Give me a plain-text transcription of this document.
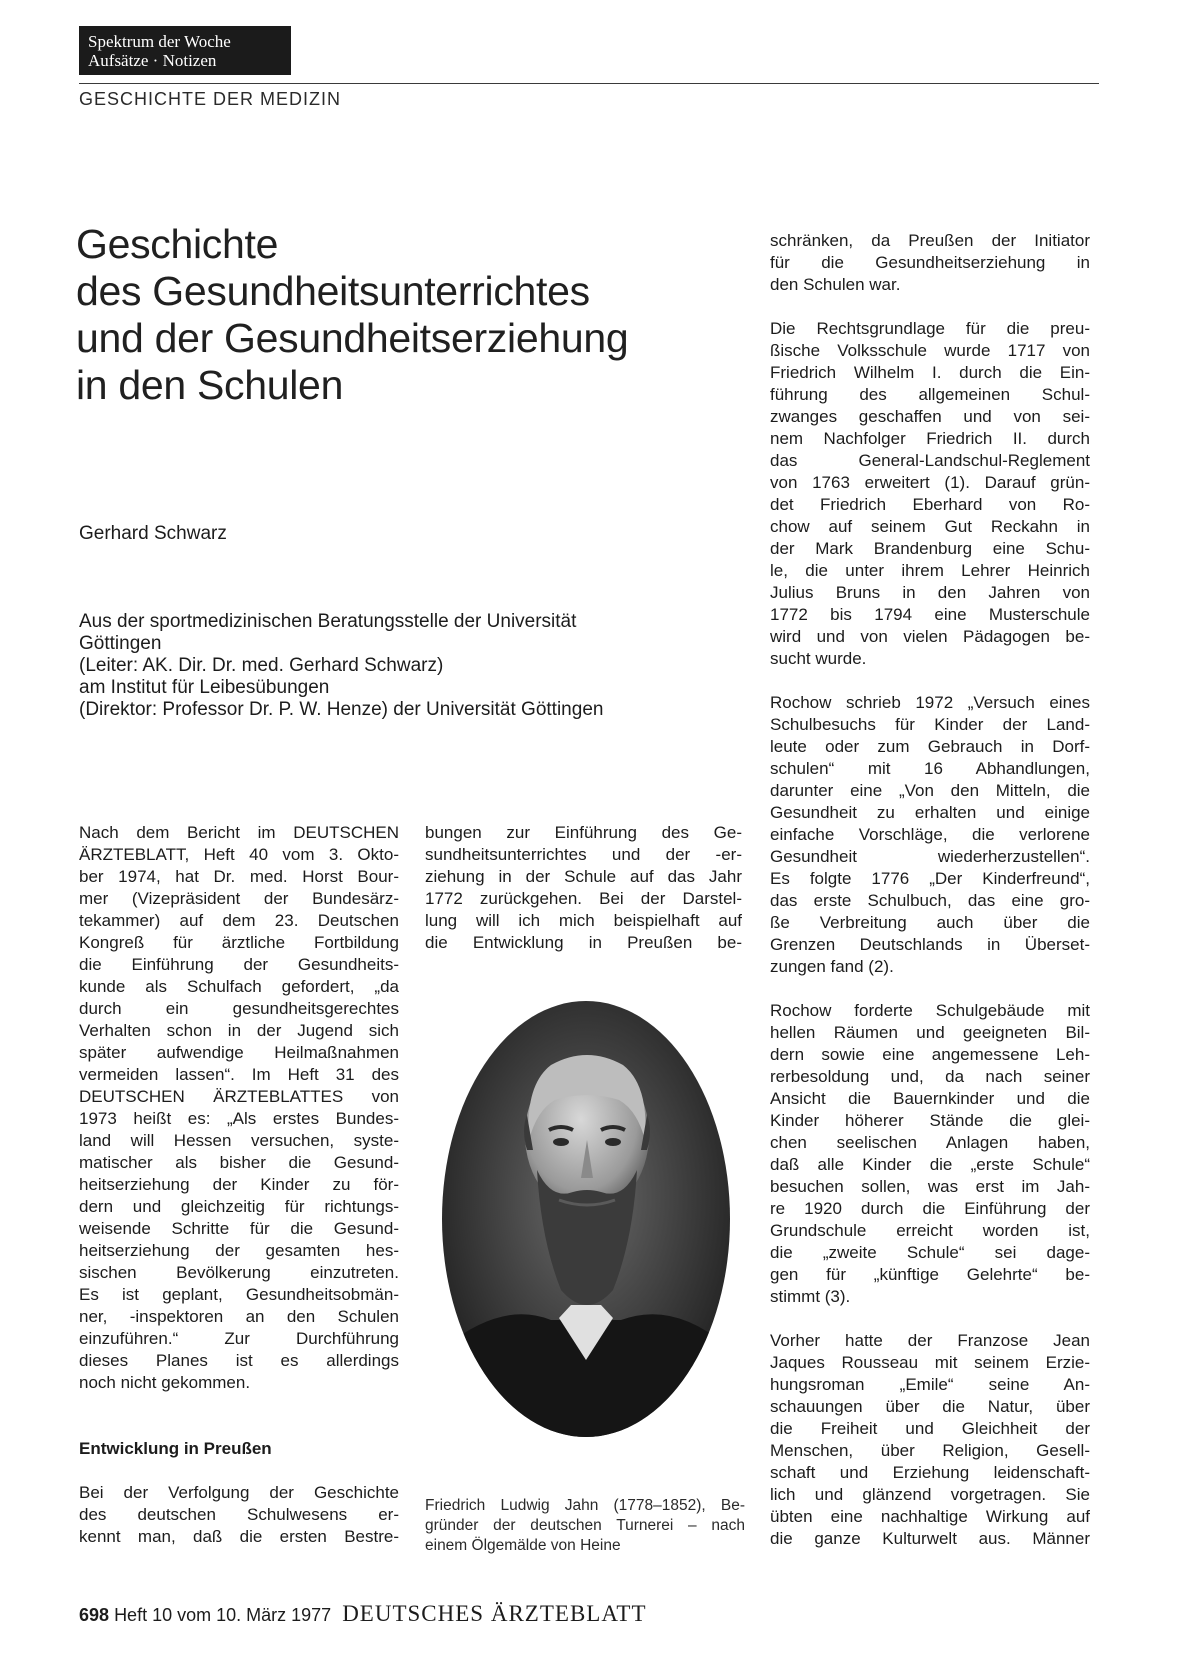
Spektrum der Woche
Aufsätze · Notizen
GESCHICHTE DER MEDIZIN
Geschichte
des Gesundheitsunterrichtes
und der Gesundheitserziehung
in den Schulen
Gerhard Schwarz
Aus der sportmedizinischen Beratungsstelle der Universität
Göttingen
(Leiter: AK. Dir. Dr. med. Gerhard Schwarz)
am Institut für Leibesübungen
(Direktor: Professor Dr. P. W. Henze) der Universität Göttingen
Nach dem Bericht im DEUTSCHEN
ÄRZTEBLATT, Heft 40 vom 3. Okto-
ber 1974, hat Dr. med. Horst Bour-
mer (Vizepräsident der Bundesärz-
tekammer) auf dem 23. Deutschen
Kongreß für ärztliche Fortbildung
die Einführung der Gesundheits-
kunde als Schulfach gefordert, „da
durch ein gesundheitsgerechtes
Verhalten schon in der Jugend sich
später aufwendige Heilmaßnahmen
vermeiden lassen“. Im Heft 31 des
DEUTSCHEN ÄRZTEBLATTES von
1973 heißt es: „Als erstes Bundes-
land will Hessen versuchen, syste-
matischer als bisher die Gesund-
heitserziehung der Kinder zu för-
dern und gleichzeitig für richtungs-
weisende Schritte für die Gesund-
heitserziehung der gesamten hes-
sischen Bevölkerung einzutreten.
Es ist geplant, Gesundheitsobmän-
ner, -inspektoren an den Schulen
einzuführen.“ Zur Durchführung
dieses Planes ist es allerdings
noch nicht gekommen.
Entwicklung in Preußen
Bei der Verfolgung der Geschichte
des deutschen Schulwesens er-
kennt man, daß die ersten Bestre-
bungen zur Einführung des Ge-
sundheitsunterrichtes und der -er-
ziehung in der Schule auf das Jahr
1772 zurückgehen. Bei der Darstel-
lung will ich mich beispielhaft auf
die Entwicklung in Preußen be-
Friedrich Ludwig Jahn (1778–1852), Be-
gründer der deutschen Turnerei – nach
einem Ölgemälde von Heine
schränken, da Preußen der Initiator
für die Gesundheitserziehung in
den Schulen war.
Die Rechtsgrundlage für die preu-
ßische Volksschule wurde 1717 von
Friedrich Wilhelm I. durch die Ein-
führung des allgemeinen Schul-
zwanges geschaffen und von sei-
nem Nachfolger Friedrich II. durch
das General-Landschul-Reglement
von 1763 erweitert (1). Darauf grün-
det Friedrich Eberhard von Ro-
chow auf seinem Gut Reckahn in
der Mark Brandenburg eine Schu-
le, die unter ihrem Lehrer Heinrich
Julius Bruns in den Jahren von
1772 bis 1794 eine Musterschule
wird und von vielen Pädagogen be-
sucht wurde.
Rochow schrieb 1972 „Versuch eines
Schulbesuchs für Kinder der Land-
leute oder zum Gebrauch in Dorf-
schulen“ mit 16 Abhandlungen,
darunter eine „Von den Mitteln, die
Gesundheit zu erhalten und einige
einfache Vorschläge, die verlorene
Gesundheit wiederherzustellen“.
Es folgte 1776 „Der Kinderfreund“,
das erste Schulbuch, das eine gro-
ße Verbreitung auch über die
Grenzen Deutschlands in Überset-
zungen fand (2).
Rochow forderte Schulgebäude mit
hellen Räumen und geeigneten Bil-
dern sowie eine angemessene Leh-
rerbesoldung und, da nach seiner
Ansicht die Bauernkinder und die
Kinder höherer Stände die glei-
chen seelischen Anlagen haben,
daß alle Kinder die „erste Schule“
besuchen sollen, was erst im Jah-
re 1920 durch die Einführung der
Grundschule erreicht worden ist,
die „zweite Schule“ sei dage-
gen für „künftige Gelehrte“ be-
stimmt (3).
Vorher hatte der Franzose Jean
Jaques Rousseau mit seinem Erzie-
hungsroman „Emile“ seine An-
schauungen über die Natur, über
die Freiheit und Gleichheit der
Menschen, über Religion, Gesell-
schaft und Erziehung leidenschaft-
lich und glänzend vorgetragen. Sie
übten eine nachhaltige Wirkung auf
die ganze Kulturwelt aus. Männer
698 Heft 10 vom 10. März 1977 DEUTSCHES ÄRZTEBLATT
